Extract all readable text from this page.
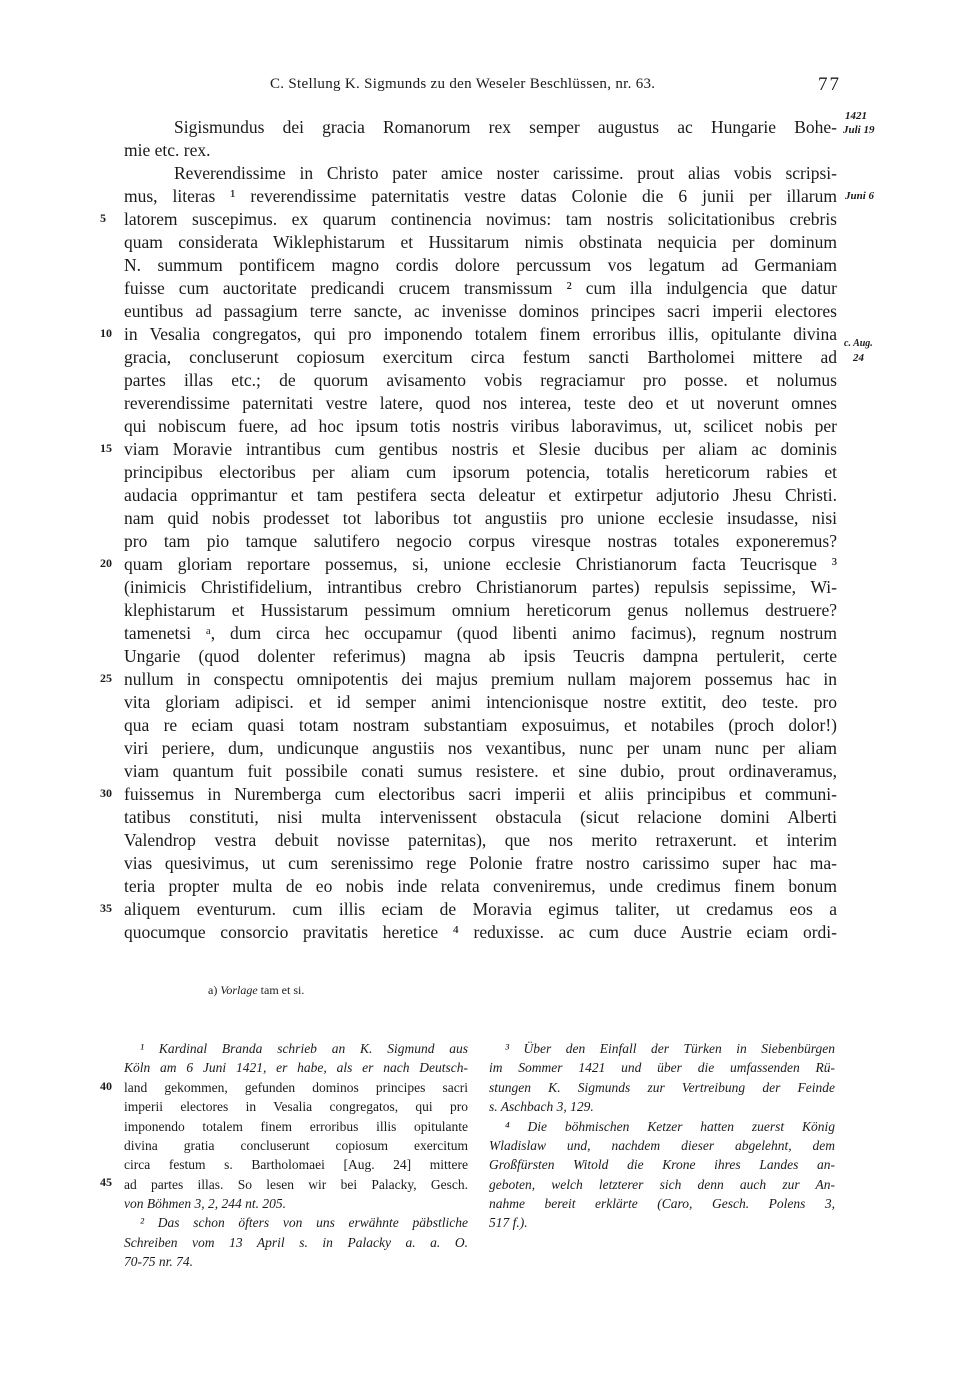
C. Stellung K. Sigmunds zu den Weseler Beschlüssen, nr. 63.	77
1421
Juli 19
Juni 6
c. Aug.
24
5
10
15
20
25
30
35
Sigismundus dei gracia Romanorum rex semper augustus ac Hungarie Bohe-
mie etc. rex.
Reverendissime in Christo pater amice noster carissime. prout alias vobis scripsi-
mus, literas ¹ reverendissime paternitatis vestre datas Colonie die 6 junii per illarum
latorem suscepimus. ex quarum continencia novimus: tam nostris solicitationibus crebris
quam considerata Wiklephistarum et Hussitarum nimis obstinata nequicia per dominum
N. summum pontificem magno cordis dolore percussum vos legatum ad Germaniam
fuisse cum auctoritate predicandi crucem transmissum ² cum illa indulgencia que datur
euntibus ad passagium terre sancte, ac invenisse dominos principes sacri imperii electores
in Vesalia congregatos, qui pro imponendo totalem finem erroribus illis, opitulante divina
gracia, concluserunt copiosum exercitum circa festum sancti Bartholomei mittere ad
partes illas etc.; de quorum avisamento vobis regraciamur pro posse. et nolumus
reverendissime paternitati vestre latere, quod nos interea, teste deo et ut noverunt omnes
qui nobiscum fuere, ad hoc ipsum totis nostris viribus laboravimus, ut, scilicet nobis per
viam Moravie intrantibus cum gentibus nostris et Slesie ducibus per aliam ac dominis
principibus electoribus per aliam cum ipsorum potencia, totalis hereticorum rabies et
audacia opprimantur et tam pestifera secta deleatur et extirpetur adjutorio Jhesu Christi.
nam quid nobis prodesset tot laboribus tot angustiis pro unione ecclesie insudasse, nisi
pro tam pio tamque salutifero negocio corpus viresque nostras totales exponeremus?
quam gloriam reportare possemus, si, unione ecclesie Christianorum facta Teucrisque ³
(inimicis Christifidelium, intrantibus crebro Christianorum partes) repulsis sepissime, Wi-
klephistarum et Hussistarum pessimum omnium hereticorum genus nollemus destruere?
tamenetsi ᵃ, dum circa hec occupamur (quod libenti animo facimus), regnum nostrum
Ungarie (quod dolenter referimus) magna ab ipsis Teucris dampna pertulerit, certe
nullum in conspectu omnipotentis dei majus premium nullam majorem possemus hac in
vita gloriam adipisci. et id semper animi intencionisque nostre extitit, deo teste. pro
qua re eciam quasi totam nostram substantiam exposuimus, et notabiles (proch dolor!)
viri periere, dum, undicunque angustiis nos vexantibus, nunc per unam nunc per aliam
viam quantum fuit possibile conati sumus resistere. et sine dubio, prout ordinaveramus,
fuissemus in Nuremberga cum electoribus sacri imperii et aliis principibus et communi-
tatibus constituti, nisi multa intervenissent obstacula (sicut relacione domini Alberti
Valendrop vestra debuit novisse paternitas), que nos merito retraxerunt. et interim
vias quesivimus, ut cum serenissimo rege Polonie fratre nostro carissimo super hac ma-
teria propter multa de eo nobis inde relata conveniremus, unde credimus finem bonum
aliquem eventurum. cum illis eciam de Moravia egimus taliter, ut credamus eos a
quocumque consorcio pravitatis heretice ⁴ reduxisse. ac cum duce Austrie eciam ordi-
a) Vorlage tam et si.
40
45
¹ Kardinal Branda schrieb an K. Sigmund aus
Köln am 6 Juni 1421, er habe, als er nach Deutsch-
land gekommen, gefunden dominos principes sacri
imperii electores in Vesalia congregatos, qui pro
imponendo totalem finem erroribus illis opitulante
divina gratia concluserunt copiosum exercitum
circa festum s. Bartholomaei [Aug. 24] mittere
ad partes illas. So lesen wir bei Palacky, Gesch.
von Böhmen 3, 2, 244 nt. 205.
² Das schon öfters von uns erwähnte päbstliche
Schreiben vom 13 April s. in Palacky a. a. O.
70-75 nr. 74.
³ Über den Einfall der Türken in Siebenbürgen
im Sommer 1421 und über die umfassenden Rü-
stungen K. Sigmunds zur Vertreibung der Feinde
s. Aschbach 3, 129.
⁴ Die böhmischen Ketzer hatten zuerst König
Wladislaw und, nachdem dieser abgelehnt, dem
Großfürsten Witold die Krone ihres Landes an-
geboten, welch letzterer sich denn auch zur An-
nahme bereit erklärte (Caro, Gesch. Polens 3,
517 f.).
